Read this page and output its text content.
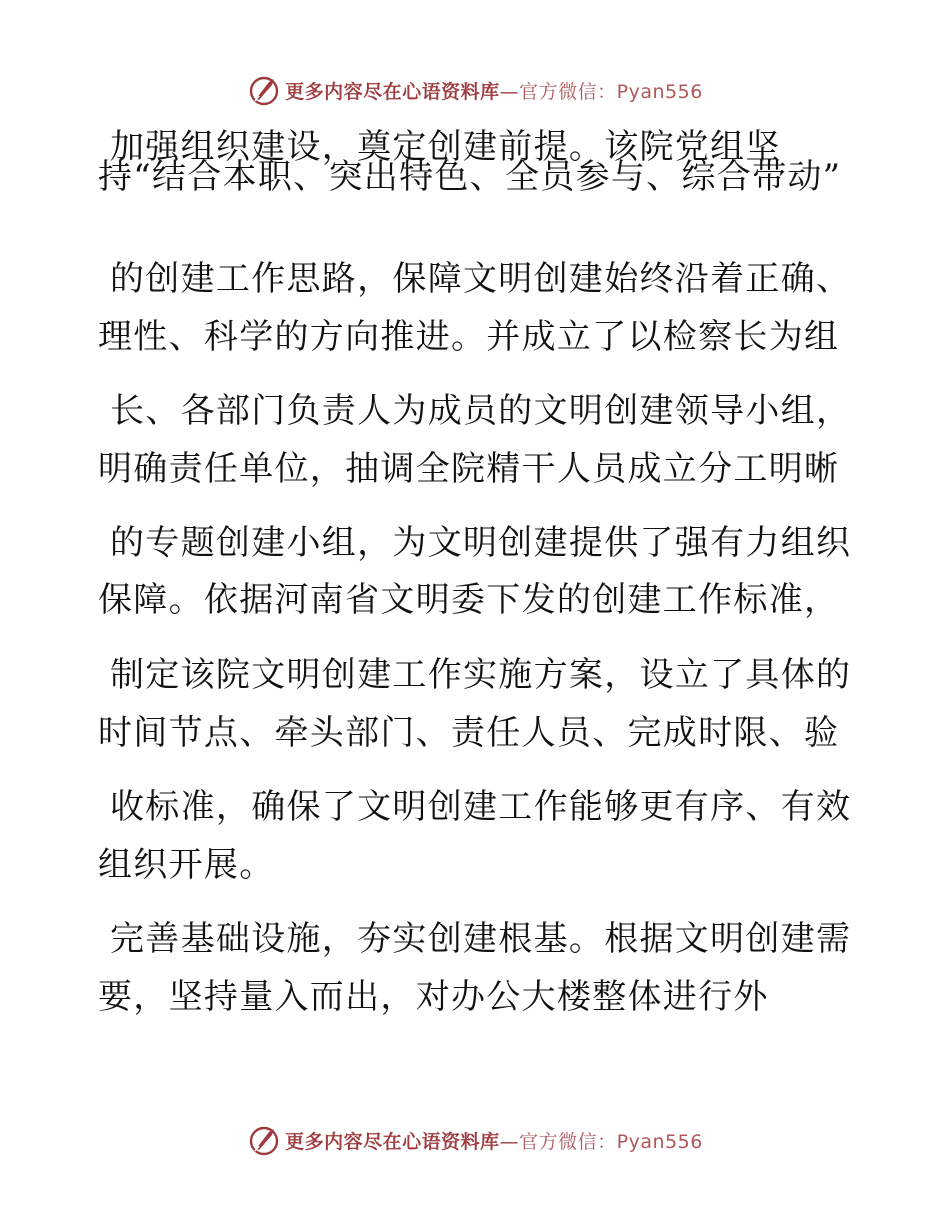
更多内容尽在心语资料库—官方微信：Pyan556
加强组织建设，奠定创建前提。该院党组坚
持“结合本职、突出特色、全员参与、综合带动”
的创建工作思路，保障文明创建始终沿着正确、
理性、科学的方向推进。并成立了以检察长为组
长、各部门负责人为成员的文明创建领导小组，
明确责任单位，抽调全院精干人员成立分工明晰
的专题创建小组，为文明创建提供了强有力组织
保障。依据河南省文明委下发的创建工作标准，
制定该院文明创建工作实施方案，设立了具体的
时间节点、牵头部门、责任人员、完成时限、验
收标准，确保了文明创建工作能够更有序、有效
组织开展。
完善基础设施，夯实创建根基。根据文明创建需
要，坚持量入而出，对办公大楼整体进行外
更多内容尽在心语资料库—官方微信：Pyan556
